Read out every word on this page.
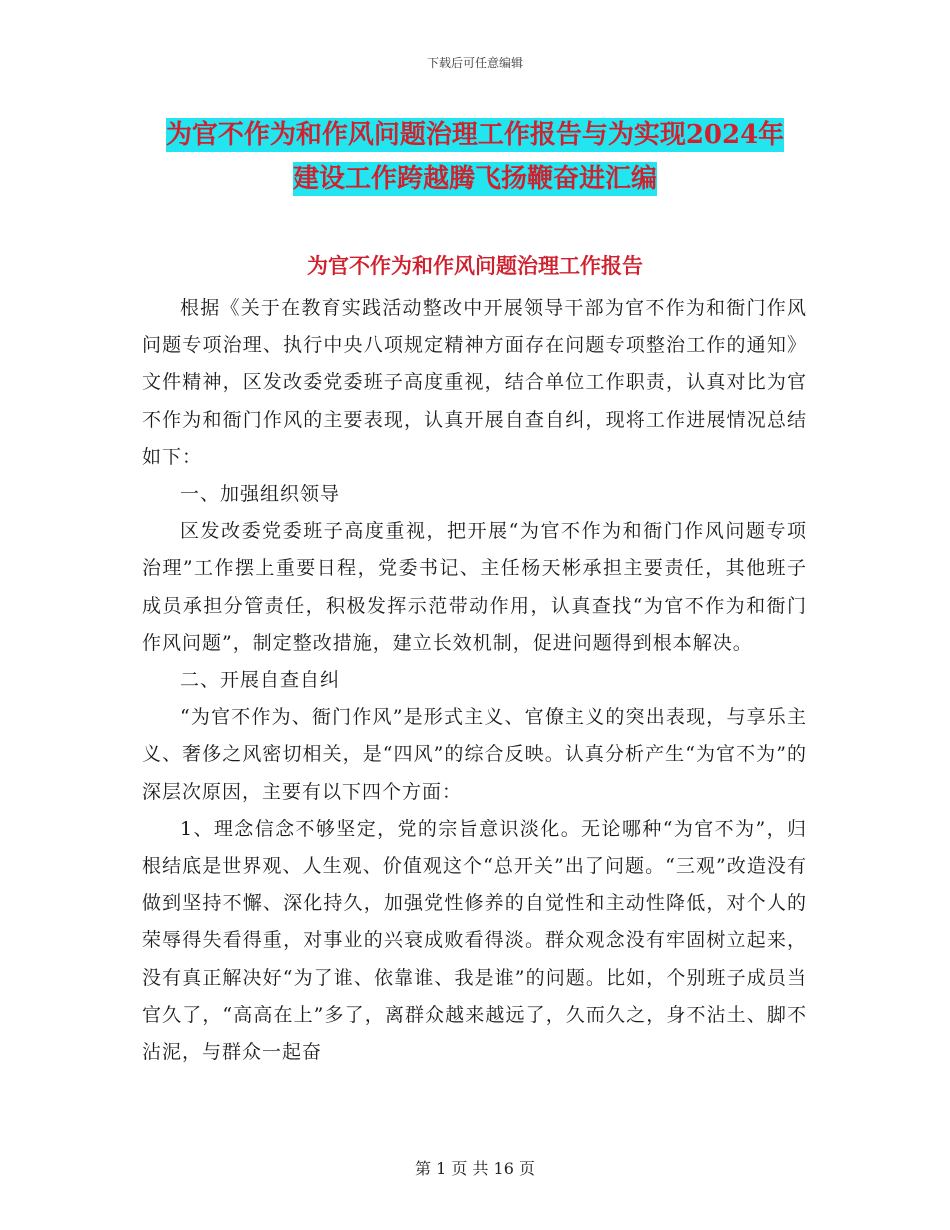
下载后可任意编辑
为官不作为和作风问题治理工作报告与为实现2024年
建设工作跨越腾飞扬鞭奋进汇编
为官不作为和作风问题治理工作报告

根据《关于在教育实践活动整改中开展领导干部为官不作为和衙门作风问题专项治理、执行中央八项规定精神方面存在问题专项整治工作的通知》文件精神，区发改委党委班子高度重视，结合单位工作职责，认真对比为官不作为和衙门作风的主要表现，认真开展自查自纠，现将工作进展情况总结如下：

一、加强组织领导

区发改委党委班子高度重视，把开展“为官不作为和衙门作风问题专项治理”工作摆上重要日程，党委书记、主任杨天彬承担主要责任，其他班子成员承担分管责任，积极发挥示范带动作用，认真查找“为官不作为和衙门作风问题”，制定整改措施，建立长效机制，促进问题得到根本解决。

二、开展自查自纠

“为官不作为、衙门作风”是形式主义、官僚主义的突出表现，与享乐主义、奢侈之风密切相关，是“四风”的综合反映。认真分析产生“为官不为”的深层次原因，主要有以下四个方面：

1、理念信念不够坚定，党的宗旨意识淡化。无论哪种“为官不为”，归根结底是世界观、人生观、价值观这个“总开关”出了问题。“三观”改造没有做到坚持不懈、深化持久，加强党性修养的自觉性和主动性降低，对个人的荣辱得失看得重，对事业的兴衰成败看得淡。群众观念没有牢固树立起来，没有真正解决好“为了谁、依靠谁、我是谁”的问题。比如，个别班子成员当官久了，“高高在上”多了，离群众越来越远了，久而久之，身不沾土、脚不沾泥，与群众一起奋

第 1 页 共 16 页
